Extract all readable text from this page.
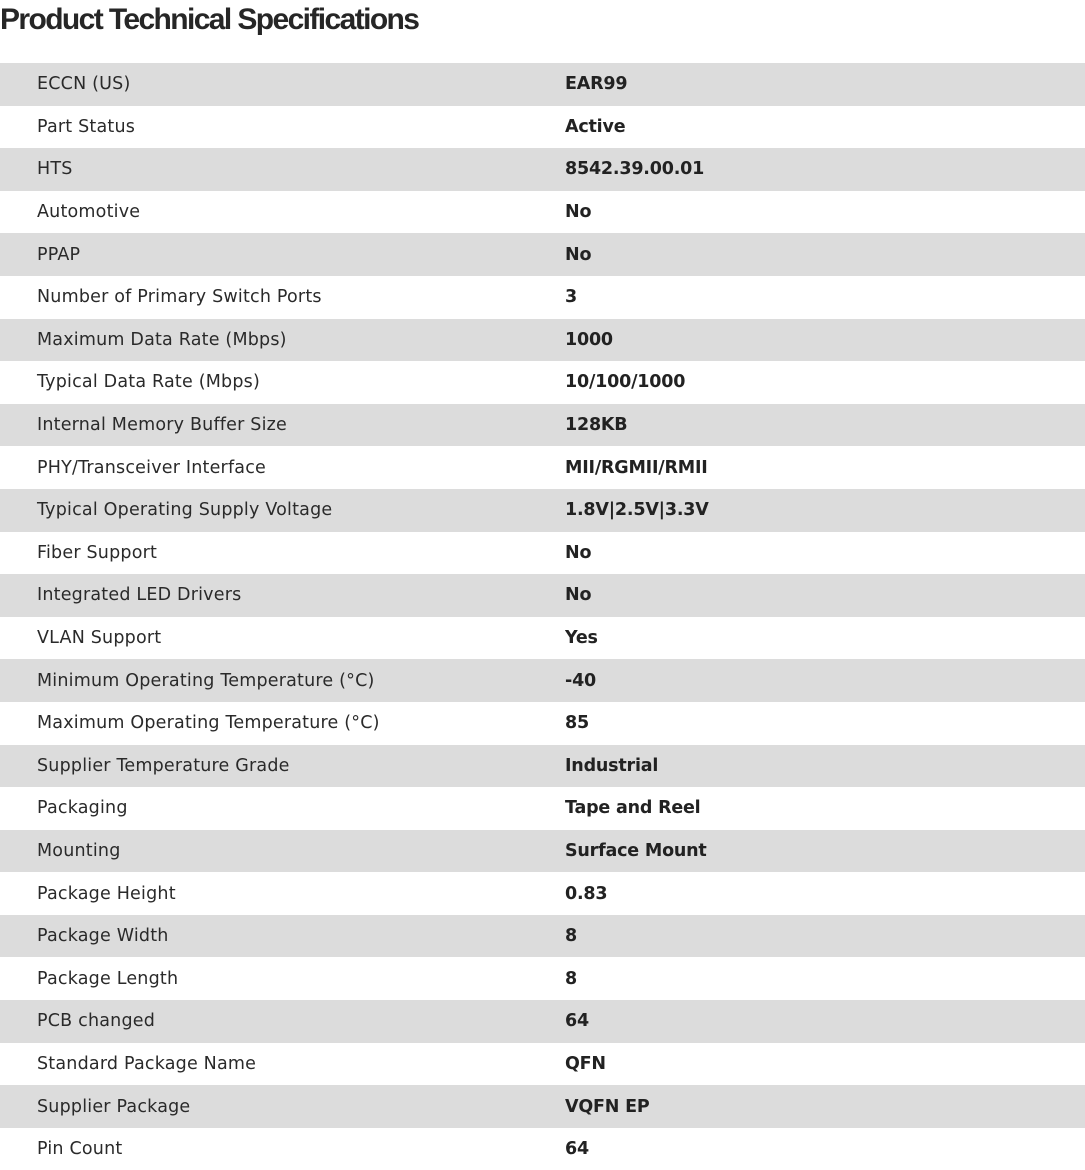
Product Technical Specifications
ECCN (US)	EAR99
Part Status	Active
HTS	8542.39.00.01
Automotive	No
PPAP	No
Number of Primary Switch Ports	3
Maximum Data Rate (Mbps)	1000
Typical Data Rate (Mbps)	10/100/1000
Internal Memory Buffer Size	128KB
PHY/Transceiver Interface	MII/RGMII/RMII
Typical Operating Supply Voltage	1.8V|2.5V|3.3V
Fiber Support	No
Integrated LED Drivers	No
VLAN Support	Yes
Minimum Operating Temperature (°C)	-40
Maximum Operating Temperature (°C)	85
Supplier Temperature Grade	Industrial
Packaging	Tape and Reel
Mounting	Surface Mount
Package Height	0.83
Package Width	8
Package Length	8
PCB changed	64
Standard Package Name	QFN
Supplier Package	VQFN EP
Pin Count	64
